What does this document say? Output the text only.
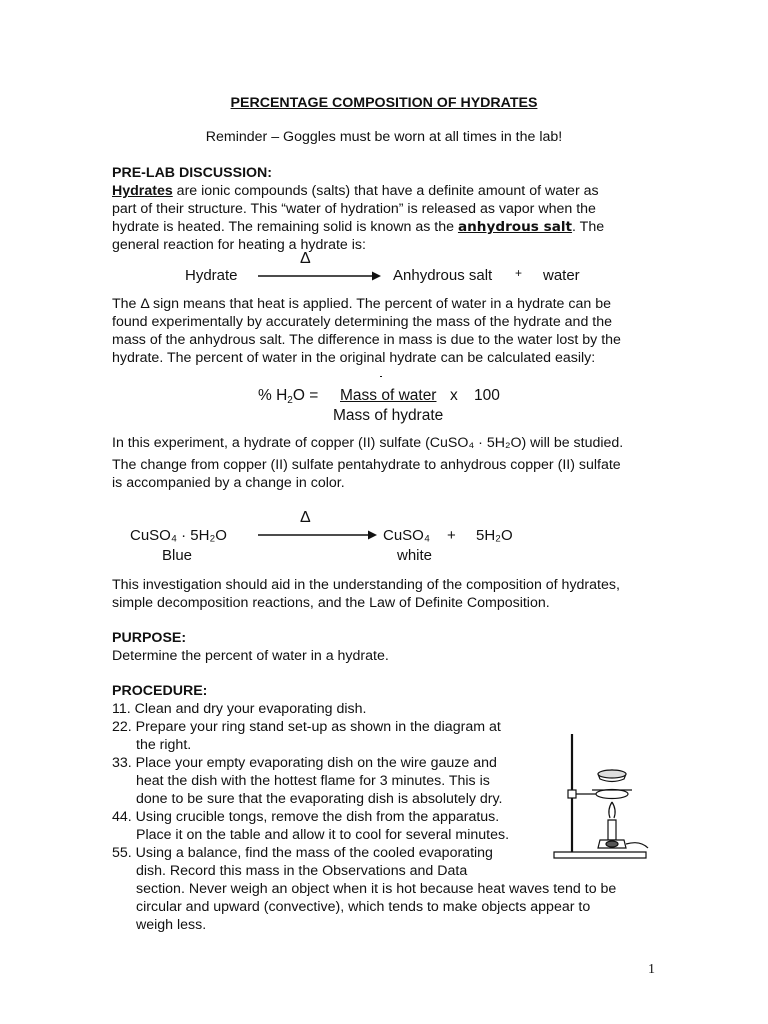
PERCENTAGE COMPOSITION OF HYDRATES
Reminder – Goggles must be worn at all times in the lab!
PRE-LAB DISCUSSION:
Hydrates are ionic compounds (salts) that have a definite amount of water as
part of their structure. This “water of hydration” is released as vapor when the
hydrate is heated. The remaining solid is known as the anhydrous salt. The
general reaction for heating a hydrate is:
Δ
Hydrate	Anhydrous salt + water
The Δ sign means that heat is applied. The percent of water in a hydrate can be
found experimentally by accurately determining the mass of the hydrate and the
mass of the anhydrous salt. The difference in mass is due to the water lost by the
hydrate. The percent of water in the original hydrate can be calculated easily:
% $H_2O$ = Mass of water x 100
Mass of hydrate
In this experiment, a hydrate of copper (II) sulfate (CuSO₄ · 5H₂O) will be studied.
The change from copper (II) sulfate pentahydrate to anhydrous copper (II) sulfate
is accompanied by a change in color.
Δ
CuSO₄ · 5H₂O	CuSO₄ + 5H₂O
Blue	white
This investigation should aid in the understanding of the composition of hydrates,
simple decomposition reactions, and the Law of Definite Composition.
PURPOSE:
Determine the percent of water in a hydrate.
PROCEDURE:
11. Clean and dry your evaporating dish.
22. Prepare your ring stand set-up as shown in the diagram at
the right.
33. Place your empty evaporating dish on the wire gauze and
heat the dish with the hottest flame for 3 minutes. This is
done to be sure that the evaporating dish is absolutely dry.
44. Using crucible tongs, remove the dish from the apparatus.
Place it on the table and allow it to cool for several minutes.
55. Using a balance, find the mass of the cooled evaporating
dish. Record this mass in the Observations and Data
section. Never weigh an object when it is hot because heat waves tend to be
circular and upward (convective), which tends to make objects appear to
weigh less.
1
